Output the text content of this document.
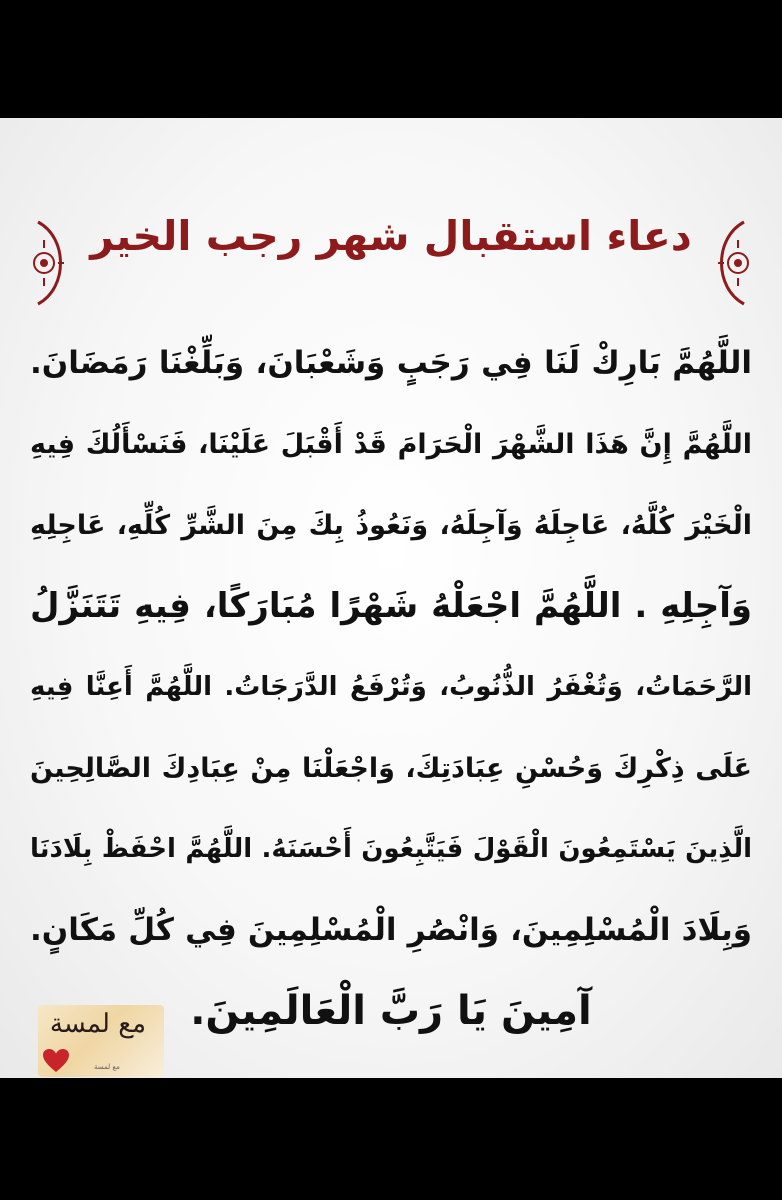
دعاء استقبال شهر رجب الخير
اللَّهُمَّ بَارِكْ لَنَا فِي رَجَبٍ وَشَعْبَانَ، وَبَلِّغْنَا رَمَضَانَ.
اللَّهُمَّ إِنَّ هَذَا الشَّهْرَ الْحَرَامَ قَدْ أَقْبَلَ عَلَيْنَا، فَنَسْأَلُكَ فِيهِ
الْخَيْرَ كُلَّهُ، عَاجِلَهُ وَآجِلَهُ، وَنَعُوذُ بِكَ مِنَ الشَّرِّ كُلِّهِ، عَاجِلِهِ
وَآجِلِهِ . اللَّهُمَّ اجْعَلْهُ شَهْرًا مُبَارَكًا، فِيهِ تَتَنَزَّلُ
الرَّحَمَاتُ، وَتُغْفَرُ الذُّنُوبُ، وَتُرْفَعُ الدَّرَجَاتُ. اللَّهُمَّ أَعِنَّا فِيهِ
عَلَى ذِكْرِكَ وَحُسْنِ عِبَادَتِكَ، وَاجْعَلْنَا مِنْ عِبَادِكَ الصَّالِحِينَ
الَّذِينَ يَسْتَمِعُونَ الْقَوْلَ فَيَتَّبِعُونَ أَحْسَنَهُ. اللَّهُمَّ احْفَظْ بِلَادَنَا
وَبِلَادَ الْمُسْلِمِينَ، وَانْصُرِ الْمُسْلِمِينَ فِي كُلِّ مَكَانٍ.
آمِينَ يَا رَبَّ الْعَالَمِينَ.
مع لمسة
مع لمسة
